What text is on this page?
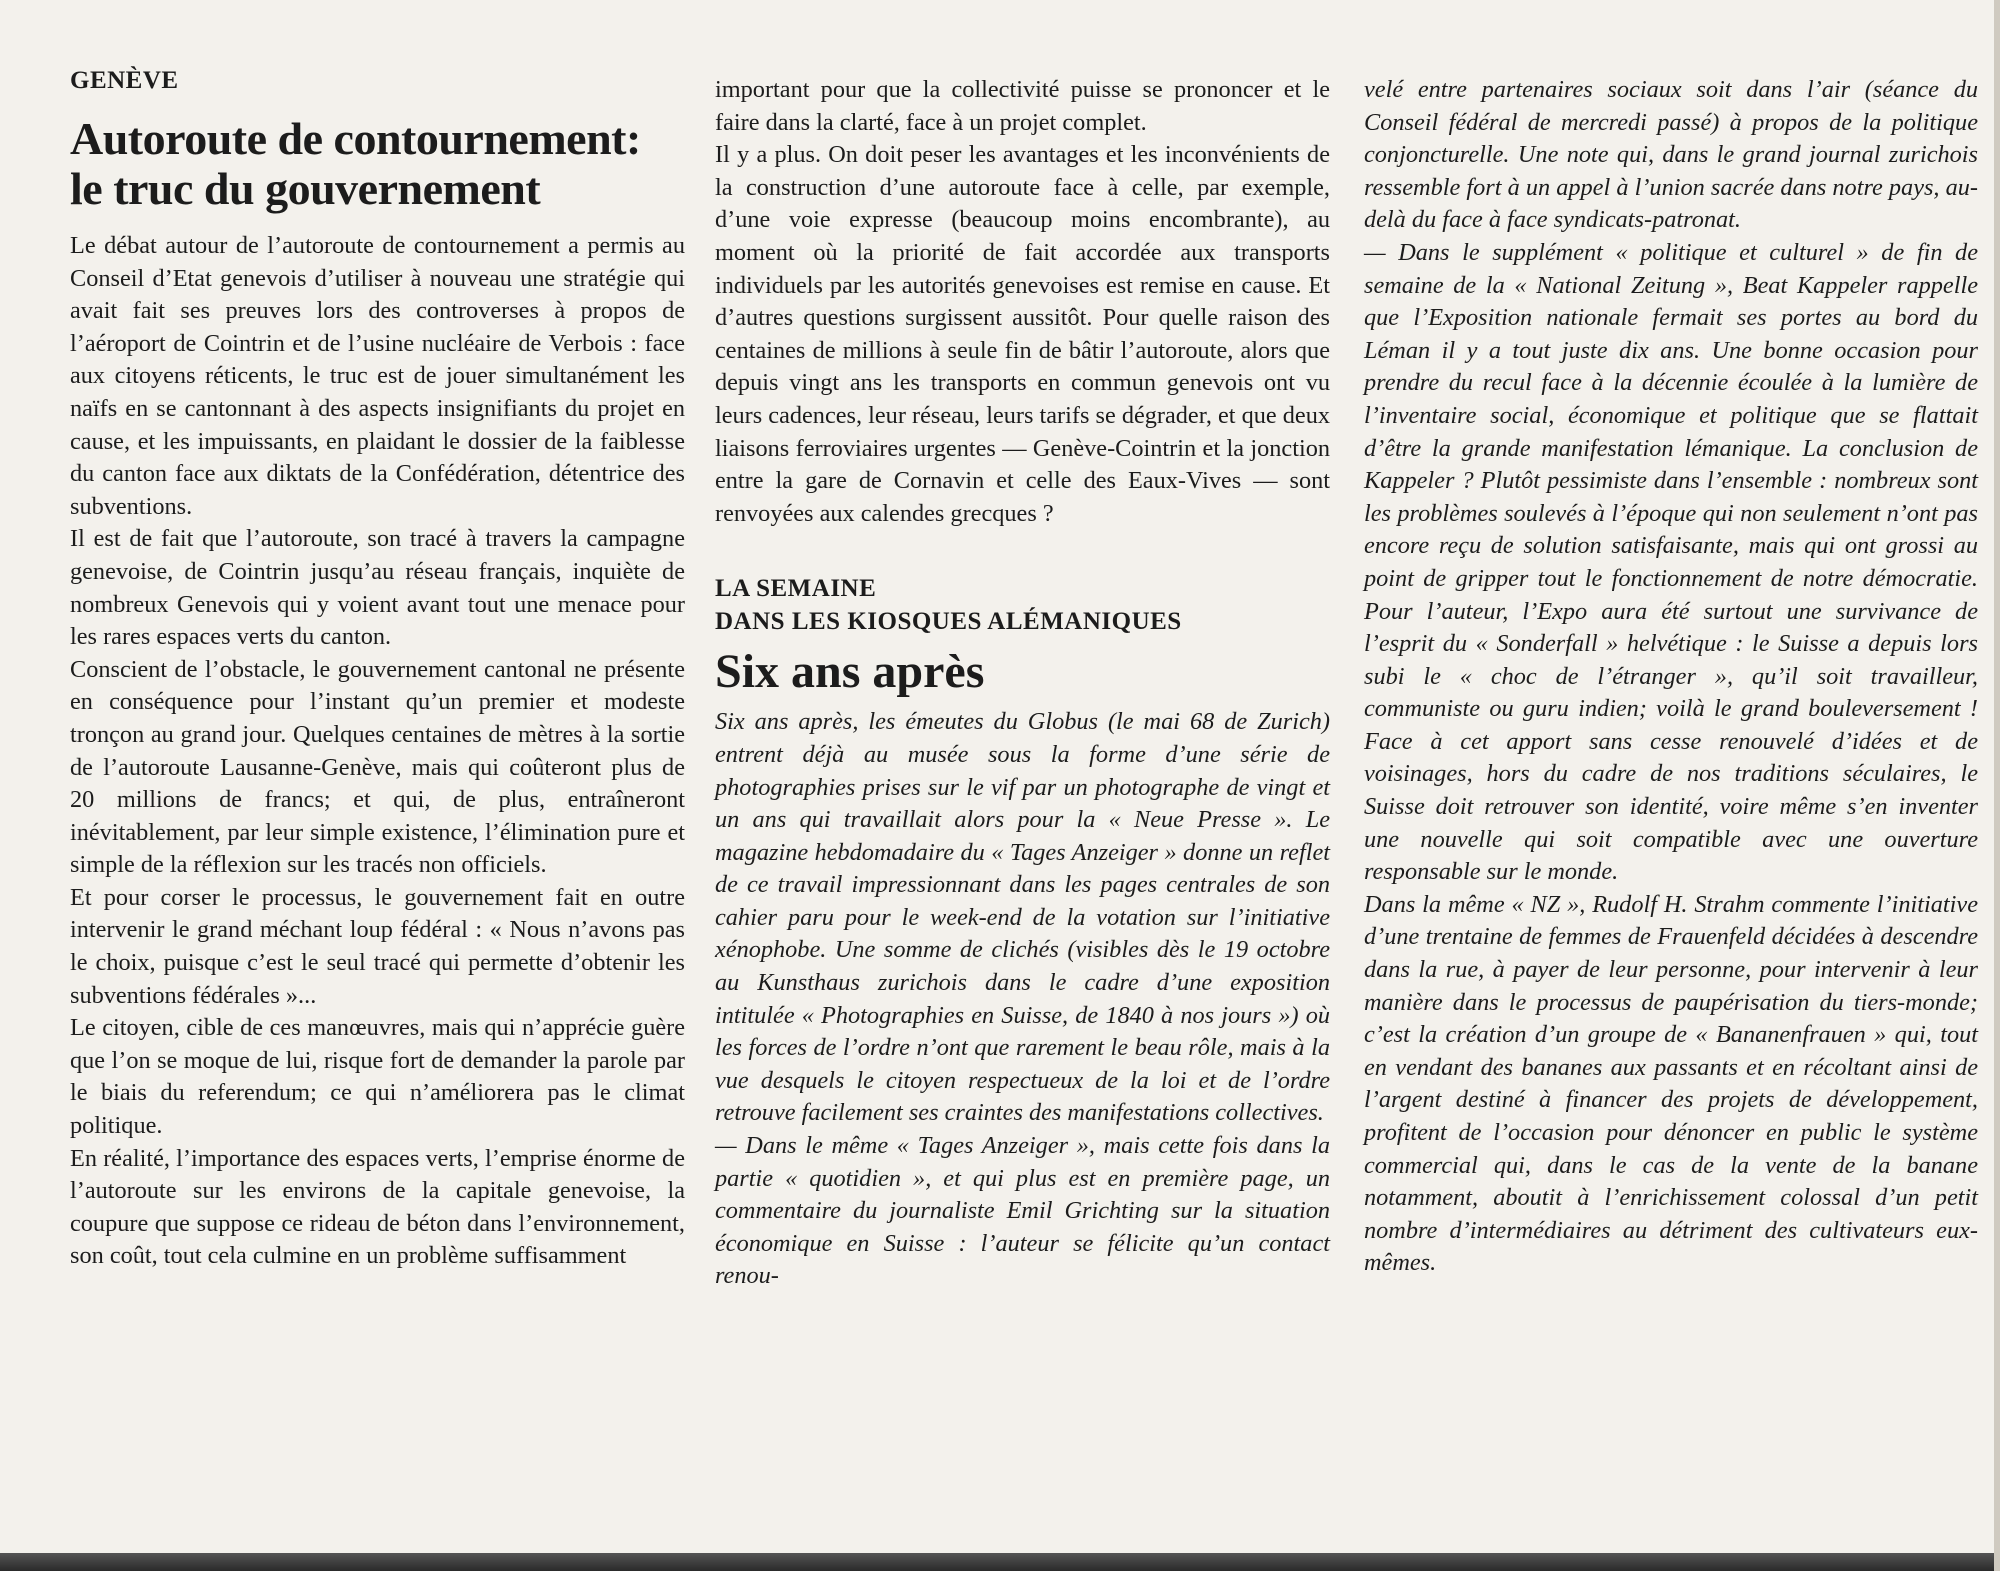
GENÈVE
Autoroute de contournement:
le truc du gouvernement

Le débat autour de l’autoroute de contournement a permis au Conseil d’Etat genevois d’utiliser à nouveau une stratégie qui avait fait ses preuves lors des controverses à propos de l’aéroport de Cointrin et de l’usine nucléaire de Verbois : face aux citoyens réticents, le truc est de jouer simultanément les naïfs en se cantonnant à des aspects insignifiants du projet en cause, et les impuissants, en plaidant le dossier de la faiblesse du canton face aux diktats de la Confédération, détentrice des subventions.

Il est de fait que l’autoroute, son tracé à travers la campagne genevoise, de Cointrin jusqu’au réseau français, inquiète de nombreux Genevois qui y voient avant tout une menace pour les rares espaces verts du canton.

Conscient de l’obstacle, le gouvernement cantonal ne présente en conséquence pour l’instant qu’un premier et modeste tronçon au grand jour. Quelques centaines de mètres à la sortie de l’autoroute Lausanne-Genève, mais qui coûteront plus de 20 millions de francs; et qui, de plus, entraîneront inévitablement, par leur simple existence, l’élimination pure et simple de la réflexion sur les tracés non officiels.

Et pour corser le processus, le gouvernement fait en outre intervenir le grand méchant loup fédéral : « Nous n’avons pas le choix, puisque c’est le seul tracé qui permette d’obtenir les subventions fédérales »...

Le citoyen, cible de ces manœuvres, mais qui n’apprécie guère que l’on se moque de lui, risque fort de demander la parole par le biais du referendum; ce qui n’améliorera pas le climat politique.

En réalité, l’importance des espaces verts, l’emprise énorme de l’autoroute sur les environs de la capitale genevoise, la coupure que suppose ce rideau de béton dans l’environnement, son coût, tout cela culmine en un problème suffisamment

important pour que la collectivité puisse se prononcer et le faire dans la clarté, face à un projet complet.

Il y a plus. On doit peser les avantages et les inconvénients de la construction d’une autoroute face à celle, par exemple, d’une voie expresse (beaucoup moins encombrante), au moment où la priorité de fait accordée aux transports individuels par les autorités genevoises est remise en cause. Et d’autres questions surgissent aussitôt. Pour quelle raison des centaines de millions à seule fin de bâtir l’autoroute, alors que depuis vingt ans les transports en commun genevois ont vu leurs cadences, leur réseau, leurs tarifs se dégrader, et que deux liaisons ferroviaires urgentes — Genève-Cointrin et la jonction entre la gare de Cornavin et celle des Eaux-Vives — sont renvoyées aux calendes grecques ?

LA SEMAINE
DANS LES KIOSQUES ALÉMANIQUES
Six ans après

Six ans après, les émeutes du Globus (le mai 68 de Zurich) entrent déjà au musée sous la forme d’une série de photographies prises sur le vif par un photographe de vingt et un ans qui travaillait alors pour la « Neue Presse ». Le magazine hebdomadaire du « Tages Anzeiger » donne un reflet de ce travail impressionnant dans les pages centrales de son cahier paru pour le week-end de la votation sur l’initiative xénophobe. Une somme de clichés (visibles dès le 19 octobre au Kunsthaus zurichois dans le cadre d’une exposition intitulée « Photographies en Suisse, de 1840 à nos jours ») où les forces de l’ordre n’ont que rarement le beau rôle, mais à la vue desquels le citoyen respectueux de la loi et de l’ordre retrouve facilement ses craintes des manifestations collectives.

— Dans le même « Tages Anzeiger », mais cette fois dans la partie « quotidien », et qui plus est en première page, un commentaire du journaliste Emil Grichting sur la situation économique en Suisse : l’auteur se félicite qu’un contact renou-

velé entre partenaires sociaux soit dans l’air (séance du Conseil fédéral de mercredi passé) à propos de la politique conjoncturelle. Une note qui, dans le grand journal zurichois ressemble fort à un appel à l’union sacrée dans notre pays, au-delà du face à face syndicats-patronat.

— Dans le supplément « politique et culturel » de fin de semaine de la « National Zeitung », Beat Kappeler rappelle que l’Exposition nationale fermait ses portes au bord du Léman il y a tout juste dix ans. Une bonne occasion pour prendre du recul face à la décennie écoulée à la lumière de l’inventaire social, économique et politique que se flattait d’être la grande manifestation lémanique. La conclusion de Kappeler ? Plutôt pessimiste dans l’ensemble : nombreux sont les problèmes soulevés à l’époque qui non seulement n’ont pas encore reçu de solution satisfaisante, mais qui ont grossi au point de gripper tout le fonctionnement de notre démocratie. Pour l’auteur, l’Expo aura été surtout une survivance de l’esprit du « Sonderfall » helvétique : le Suisse a depuis lors subi le « choc de l’étranger », qu’il soit travailleur, communiste ou guru indien; voilà le grand bouleversement ! Face à cet apport sans cesse renouvelé d’idées et de voisinages, hors du cadre de nos traditions séculaires, le Suisse doit retrouver son identité, voire même s’en inventer une nouvelle qui soit compatible avec une ouverture responsable sur le monde.

Dans la même « NZ », Rudolf H. Strahm commente l’initiative d’une trentaine de femmes de Frauenfeld décidées à descendre dans la rue, à payer de leur personne, pour intervenir à leur manière dans le processus de paupérisation du tiers-monde; c’est la création d’un groupe de « Bananenfrauen » qui, tout en vendant des bananes aux passants et en récoltant ainsi de l’argent destiné à financer des projets de développement, profitent de l’occasion pour dénoncer en public le système commercial qui, dans le cas de la vente de la banane notamment, aboutit à l’enrichissement colossal d’un petit nombre d’intermédiaires au détriment des cultivateurs eux-mêmes.
